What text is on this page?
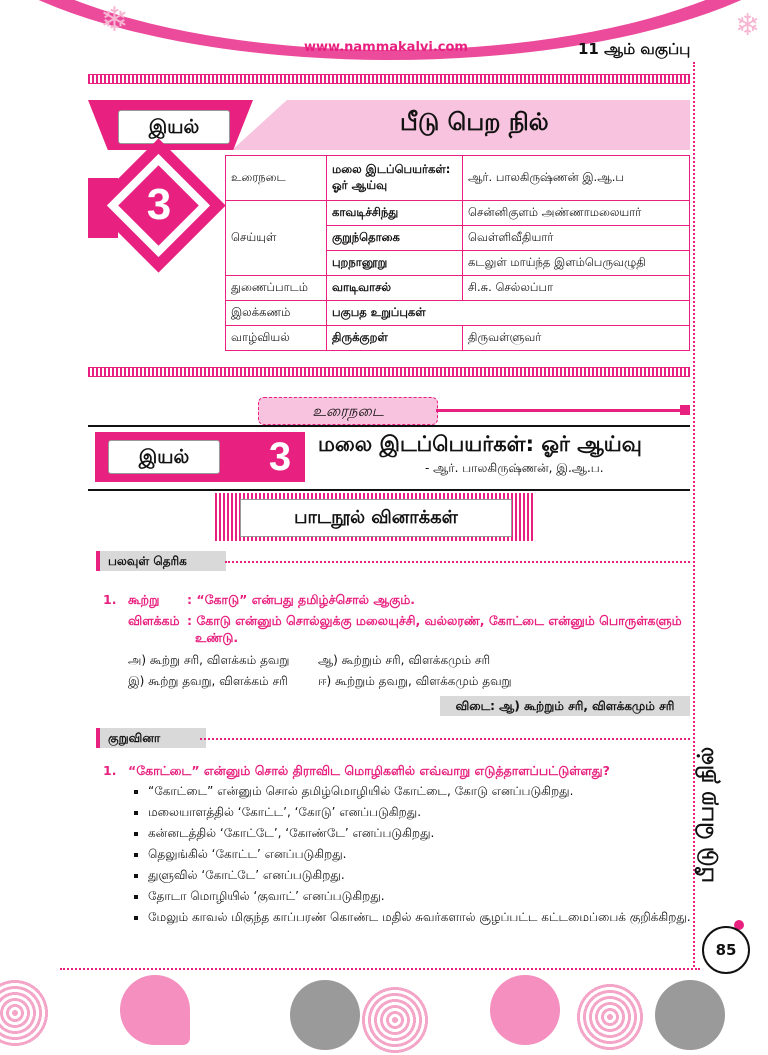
❄	❄
www.nammakalvi.com	11 ஆம் வகுப்பு
இயல்	பீடு பெற நில்
3
உரைநடை	மலை இடப்பெயர்கள்: ஓர் ஆய்வு	ஆர். பாலகிருஷ்ணன் இ.ஆ.ப
செய்யுள்	காவடிச்சிந்து	சென்னிகுளம் அண்ணாமலையார்
	குறுந்தொகை	வெள்ளிவீதியார்
	புறநானூறு	கடலுள் மாய்ந்த இளம்பெருவழுதி
துணைப்பாடம்	வாடிவாசல்	சி.சு. செல்லப்பா
இலக்கணம்	பகுபத உறுப்புகள்	
வாழ்வியல்	திருக்குறள்	திருவள்ளுவர்
உரைநடை
இயல்	3	மலை இடப்பெயர்கள்: ஓர் ஆய்வு
- ஆர். பாலகிருஷ்ணன், இ.ஆ.ப.
பாடநூல் வினாக்கள்
பலவுள் தெரிக
1. கூற்று : “கோடு” என்பது தமிழ்ச்சொல் ஆகும்.
விளக்கம் : கோடு என்னும் சொல்லுக்கு மலையுச்சி, வல்லரண், கோட்டை என்னும் பொருள்களும்
உண்டு.
அ) கூற்று சரி, விளக்கம் தவறு ஆ) கூற்றும் சரி, விளக்கமும் சரி
இ) கூற்று தவறு, விளக்கம் சரி	ஈ) கூற்றும் தவறு, விளக்கமும் தவறு
விடை: ஆ) கூற்றும் சரி, விளக்கமும் சரி
குறுவினா
1. “கோட்டை” என்னும் சொல் திராவிட மொழிகளில் எவ்வாறு எடுத்தாளப்பட்டுள்ளது?
▪ “கோட்டை” என்னும் சொல் தமிழ்மொழியில் கோட்டை, கோடு எனப்படுகிறது.
▪ மலையாளத்தில் ‘கோட்ட’, ‘கோடு’ எனப்படுகிறது.
▪ கன்னடத்தில் ‘கோட்டே’, ‘கோண்டே’ எனப்படுகிறது.
▪ தெலுங்கில் ‘கோட்ட’ எனப்படுகிறது.
▪ துளுவில் ‘கோட்டே’ எனப்படுகிறது.
▪ தோடா மொழியில் ‘குவாட்’ எனப்படுகிறது.
▪ மேலும் காவல் மிகுந்த காப்பரண் கொண்ட மதில் சுவர்களால் சூழப்பட்ட கட்டமைப்பைக் குறிக்கிறது.
பீடு பெற நில்
85
